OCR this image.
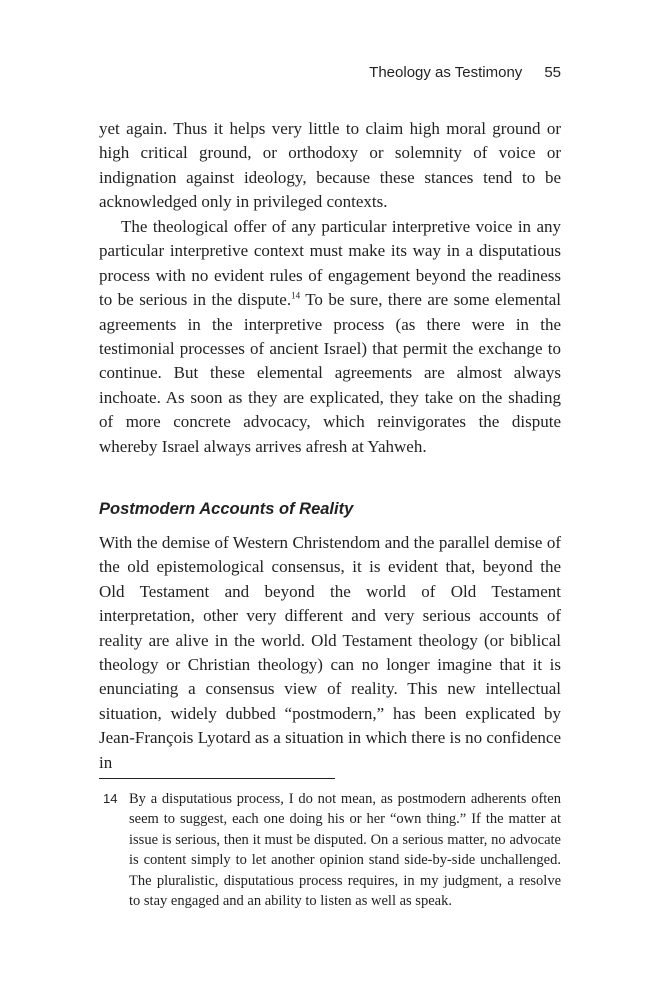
Theology as Testimony 55

yet again. Thus it helps very little to claim high moral ground or high critical ground, or orthodoxy or solemnity of voice or indignation against ideology, because these stances tend to be acknowledged only in privileged contexts.

The theological offer of any particular interpretive voice in any particular interpretive context must make its way in a disputatious process with no evident rules of engagement beyond the readiness to be serious in the dispute.$^{14}$ To be sure, there are some elemental agreements in the interpretive process (as there were in the testimonial processes of ancient Israel) that permit the exchange to continue. But these elemental agreements are almost always inchoate. As soon as they are explicated, they take on the shading of more concrete advocacy, which reinvigorates the dispute whereby Israel always arrives afresh at Yahweh.

Postmodern Accounts of Reality

With the demise of Western Christendom and the parallel demise of the old epistemological consensus, it is evident that, beyond the Old Testament and beyond the world of Old Testament interpretation, other very different and very serious accounts of reality are alive in the world. Old Testament theology (or biblical theology or Christian theology) can no longer imagine that it is enunciating a consensus view of reality. This new intellectual situation, widely dubbed “postmodern,” has been explicated by Jean-François Lyotard as a situation in which there is no confidence in

14 By a disputatious process, I do not mean, as postmodern adherents often seem to suggest, each one doing his or her “own thing.” If the matter at issue is serious, then it must be disputed. On a serious matter, no advocate is content simply to let another opinion stand side-by-side unchallenged. The pluralistic, disputatious process requires, in my judgment, a resolve to stay engaged and an ability to listen as well as speak.
